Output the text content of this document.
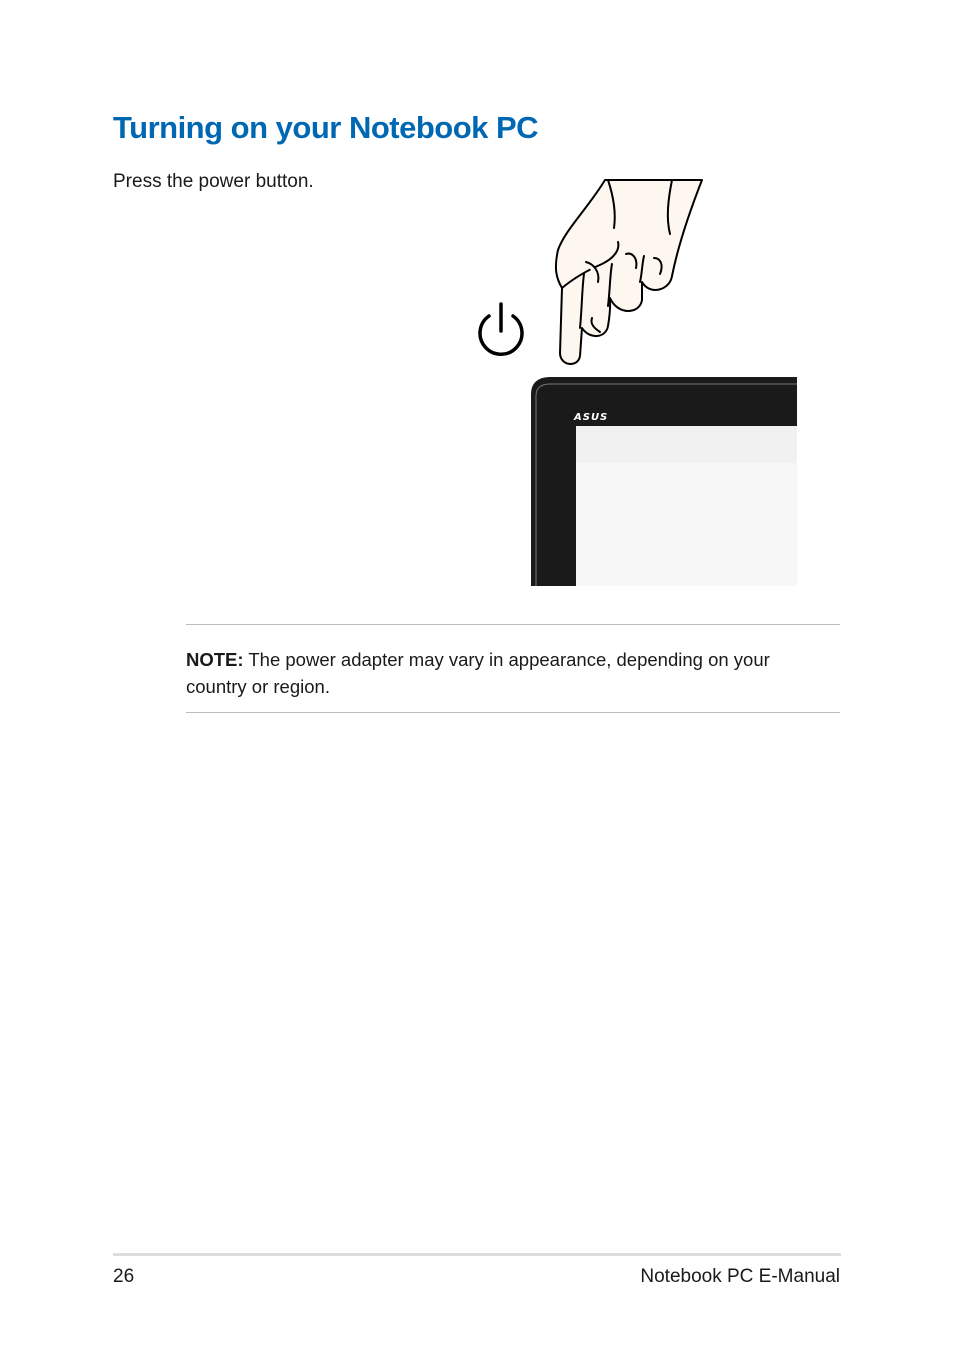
Turning on your Notebook PC
Press the power button.
ASUS

NOTE: The power adapter may vary in appearance, depending on your
country or region.

26	Notebook PC E-Manual
